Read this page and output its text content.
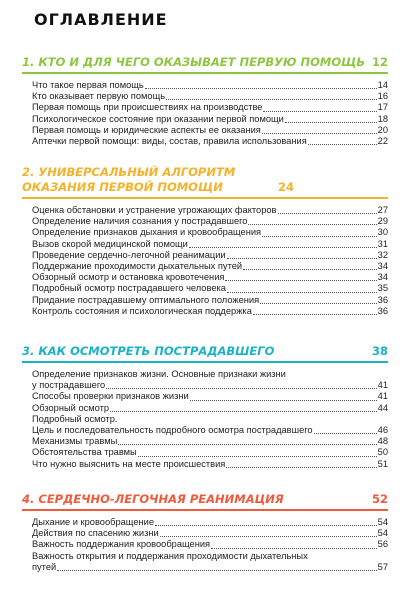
ОГЛАВЛЕНИЕ
1. КТО И ДЛЯ ЧЕГО ОКАЗЫВАЕТ ПЕРВУЮ ПОМОЩЬ 12
Что такое первая помощь	14
Кто оказывает первую помощь	16
Первая помощь при происшествиях на производстве	17
Психологическое состояние при оказании первой помощи	18
Первая помощь и юридические аспекты ее оказания	20
Аптечки первой помощи: виды, состав, правила использования	22
2. УНИВЕРСАЛЬНЫЙ АЛГОРИТМ ОКАЗАНИЯ ПЕРВОЙ ПОМОЩИ	24
Оценка обстановки и устранение угрожающих факторов	27
Определение наличия сознания у пострадавшего	29
Определение признаков дыхания и кровообращения	30
Вызов скорой медицинской помощи	31
Проведение сердечно-легочной реанимации	32
Поддержание проходимости дыхательных путей	34
Обзорный осмотр и остановка кровотечения	34
Подробный осмотр пострадавшего человека	35
Придание пострадавшему оптимального положения	36
Контроль состояния и психологическая поддержка	36
3. КАК ОСМОТРЕТЬ ПОСТРАДАВШЕГО	38
Определение признаков жизни. Основные признаки жизни
у пострадавшего	41
Способы проверки признаков жизни	41
Обзорный осмотр	44
Подробный осмотр.
Цель и последовательность подробного осмотра пострадавшего	46
Механизмы травмы	48
Обстоятельства травмы	50
Что нужно выяснить на месте происшествия	51
4. СЕРДЕЧНО-ЛЕГОЧНАЯ РЕАНИМАЦИЯ	52
Дыхание и кровообращение	54
Действия по спасению жизни	54
Важность поддержания кровообращения	56
Важность открытия и поддержания проходимости дыхательных
путей	57
